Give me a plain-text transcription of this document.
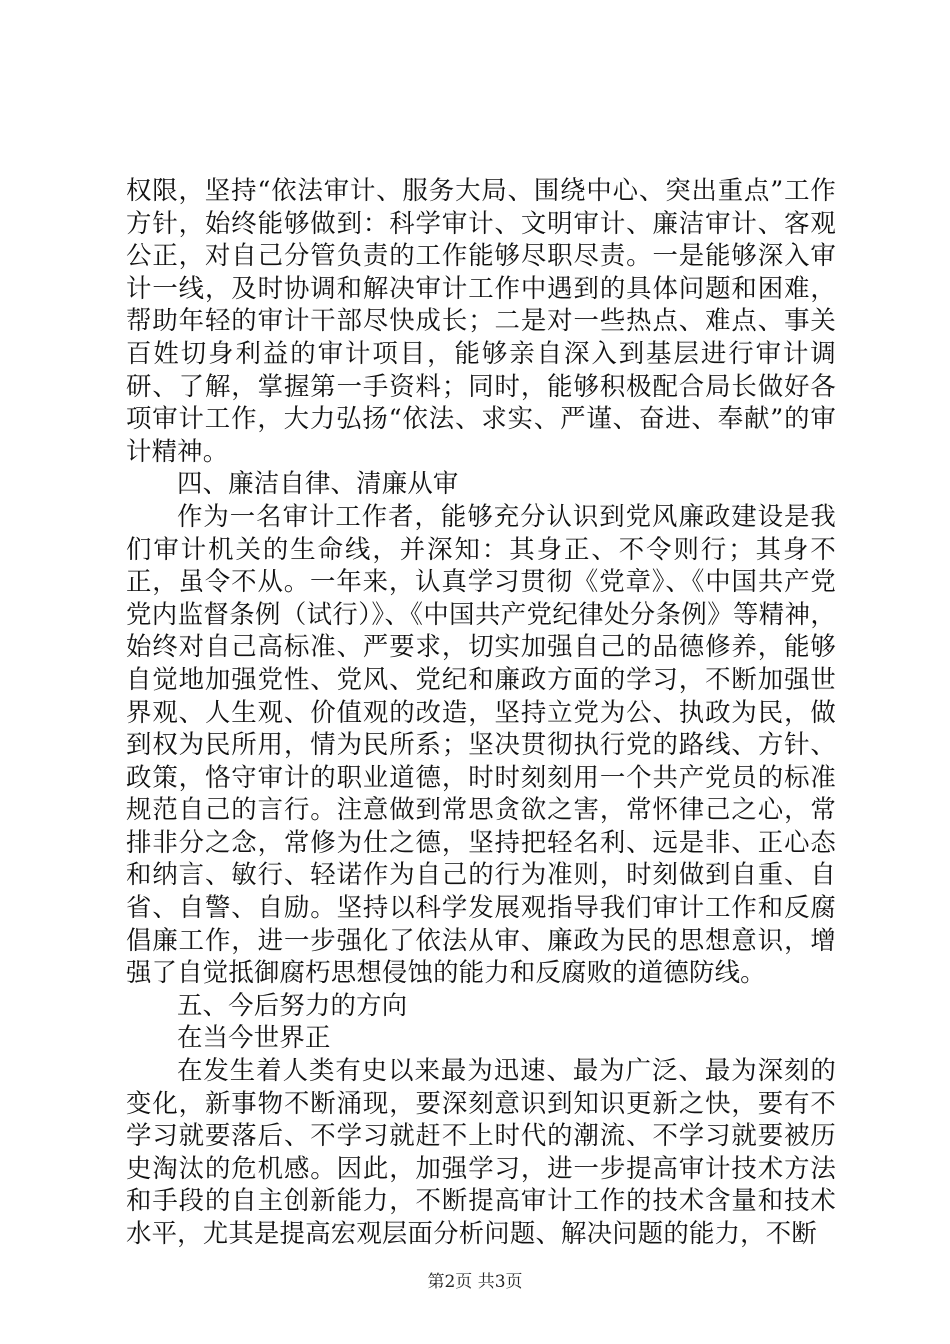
权限，坚持“依法审计、服务大局、围绕中心、突出重点”工作方针，始终能够做到：科学审计、文明审计、廉洁审计、客观公正，对自己分管负责的工作能够尽职尽责。一是能够深入审计一线，及时协调和解决审计工作中遇到的具体问题和困难，帮助年轻的审计干部尽快成长；二是对一些热点、难点、事关百姓切身利益的审计项目，能够亲自深入到基层进行审计调研、了解，掌握第一手资料；同时，能够积极配合局长做好各项审计工作，大力弘扬“依法、求实、严谨、奋进、奉献”的审计精神。

四、廉洁自律、清廉从审

作为一名审计工作者，能够充分认识到党风廉政建设是我们审计机关的生命线，并深知：其身正、不令则行；其身不正，虽令不从。一年来，认真学习贯彻《党章》、《中国共产党党内监督条例（试行）》、《中国共产党纪律处分条例》等精神，始终对自己高标准、严要求，切实加强自己的品德修养，能够自觉地加强党性、党风、党纪和廉政方面的学习，不断加强世界观、人生观、价值观的改造，坚持立党为公、执政为民，做到权为民所用，情为民所系；坚决贯彻执行党的路线、方针、政策，恪守审计的职业道德，时时刻刻用一个共产党员的标准规范自己的言行。注意做到常思贪欲之害，常怀律己之心，常排非分之念，常修为仕之德，坚持把轻名利、远是非、正心态和纳言、敏行、轻诺作为自己的行为准则，时刻做到自重、自省、自警、自励。坚持以科学发展观指导我们审计工作和反腐倡廉工作，进一步强化了依法从审、廉政为民的思想意识，增强了自觉抵御腐朽思想侵蚀的能力和反腐败的道德防线。

五、今后努力的方向

在当今世界正

在发生着人类有史以来最为迅速、最为广泛、最为深刻的变化，新事物不断涌现，要深刻意识到知识更新之快，要有不学习就要落后、不学习就赶不上时代的潮流、不学习就要被历史淘汰的危机感。因此，加强学习，进一步提高审计技术方法和手段的自主创新能力，不断提高审计工作的技术含量和技术水平，尤其是提高宏观层面分析问题、解决问题的能力，不断

第2页 共3页
